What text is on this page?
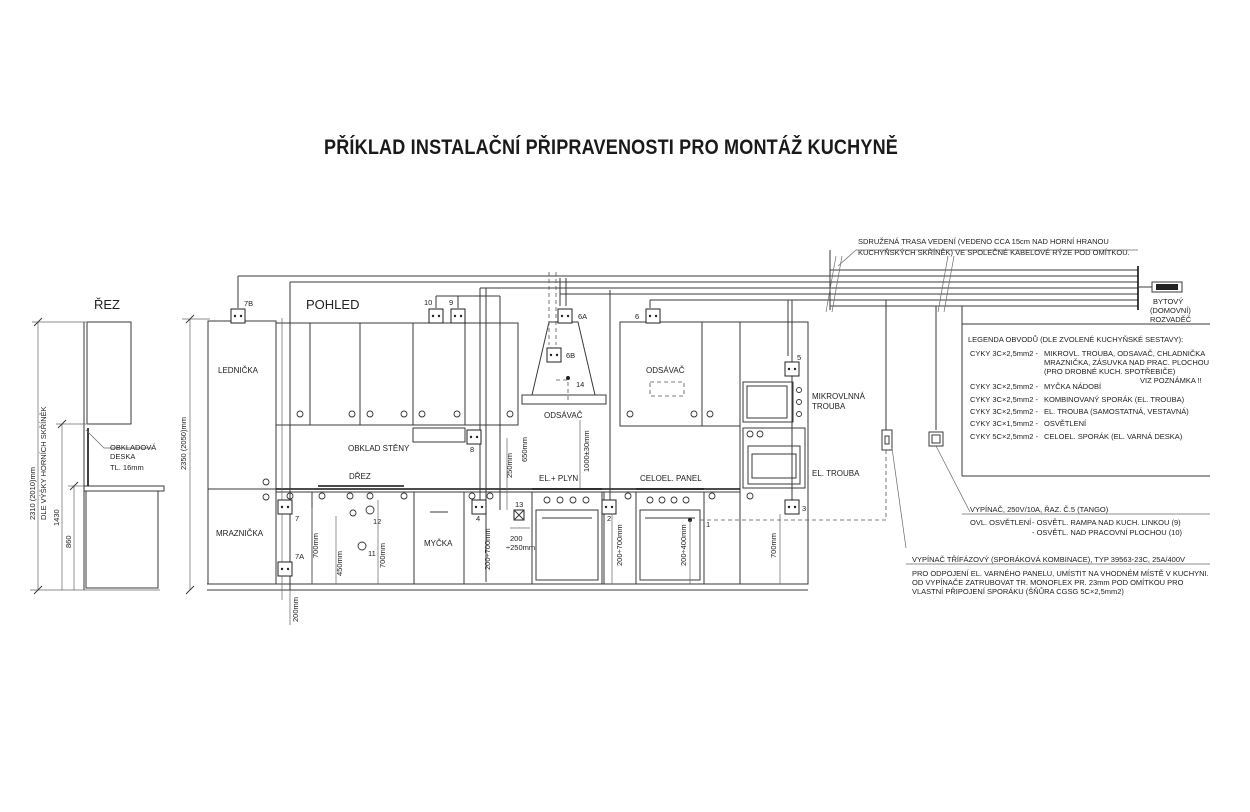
PŘÍKLAD INSTALAČNÍ PŘIPRAVENOSTI PRO MONTÁŽ KUCHYNĚ
ŘEZ
OBKLADOVÁ
DESKA
TL. 16mm
2310 (2010)mm DLE VÝŠKY HORNÍCH SKŘÍNĚK 1430
860
POHLED
2350 (2050)mm
LEDNIČKA
MRAZNIČKA
OBKLAD STĚNY
ODSÁVAČ
ODSÁVAČ
MIKROVLNNÁ
TROUBA
EL. TROUBA
DŘEZ
MYČKA
EL.+ PLYN	CELOEL. PANEL
7B	10 9
6A	6
6B
14
5
8
7
7A
12
11
4
13
2
3
1
200mm
700mm
450mm	700mm	200÷700mm
250mm
650mm	1000±30mm
200
÷250mm	200÷700mm	200÷400mm	700mm
SDRUŽENÁ TRASA VEDENÍ (VEDENO CCA 15cm NAD HORNÍ HRANOU
KUCHYŇSKÝCH SKŘÍNĚK) VE SPOLEČNÉ KABELOVÉ RÝZE POD OMÍTKOU.
BYTOVÝ
(DOMOVNÍ)
ROZVADĚČ
LEGENDA OBVODŮ (DLE ZVOLENÉ KUCHYŇSKÉ SESTAVY):
CYKY 3C×2,5mm2 - MIKROVL. TROUBA, ODSAVAČ, CHLADNIČKA
MRAZNIČKA, ZÁSUVKA NAD PRAC. PLOCHOU
(PRO DROBNÉ KUCH. SPOTŘEBIČE)
VIZ POZNÁMKA !!
CYKY 3C×2,5mm2 - MYČKA NÁDOBÍ
CYKY 3C×2,5mm2 - KOMBINOVANÝ SPORÁK (EL. TROUBA)
CYKY 3C×2,5mm2 - EL. TROUBA (SAMOSTATNÁ, VESTAVNÁ)
CYKY 3C×1,5mm2 - OSVĚTLENÍ
CYKY 5C×2,5mm2 - CELOEL. SPORÁK (EL. VARNÁ DESKA)
VYPÍNAČ, 250V/10A, ŘAZ. Č.5 (TANGO)
OVL. OSVĚTLENÍ - OSVĚTL. RAMPA NAD KUCH. LINKOU (9)
- OSVĚTL. NAD PRACOVNÍ PLOCHOU (10)
VYPÍNAČ TŘÍFÁZOVÝ (SPORÁKOVÁ KOMBINACE), TYP 39563-23C, 25A/400V
PRO ODPOJENÍ EL. VARNÉHO PANELU, UMÍSTIT NA VHODNÉM MÍSTĚ V KUCHYNI.
OD VYPÍNAČE ZATRUBOVAT TR. MONOFLEX PR. 23mm POD OMÍTKOU PRO
VLASTNÍ PŘIPOJENÍ SPORÁKU (ŠŇŮRA CGSG 5C×2,5mm2)
